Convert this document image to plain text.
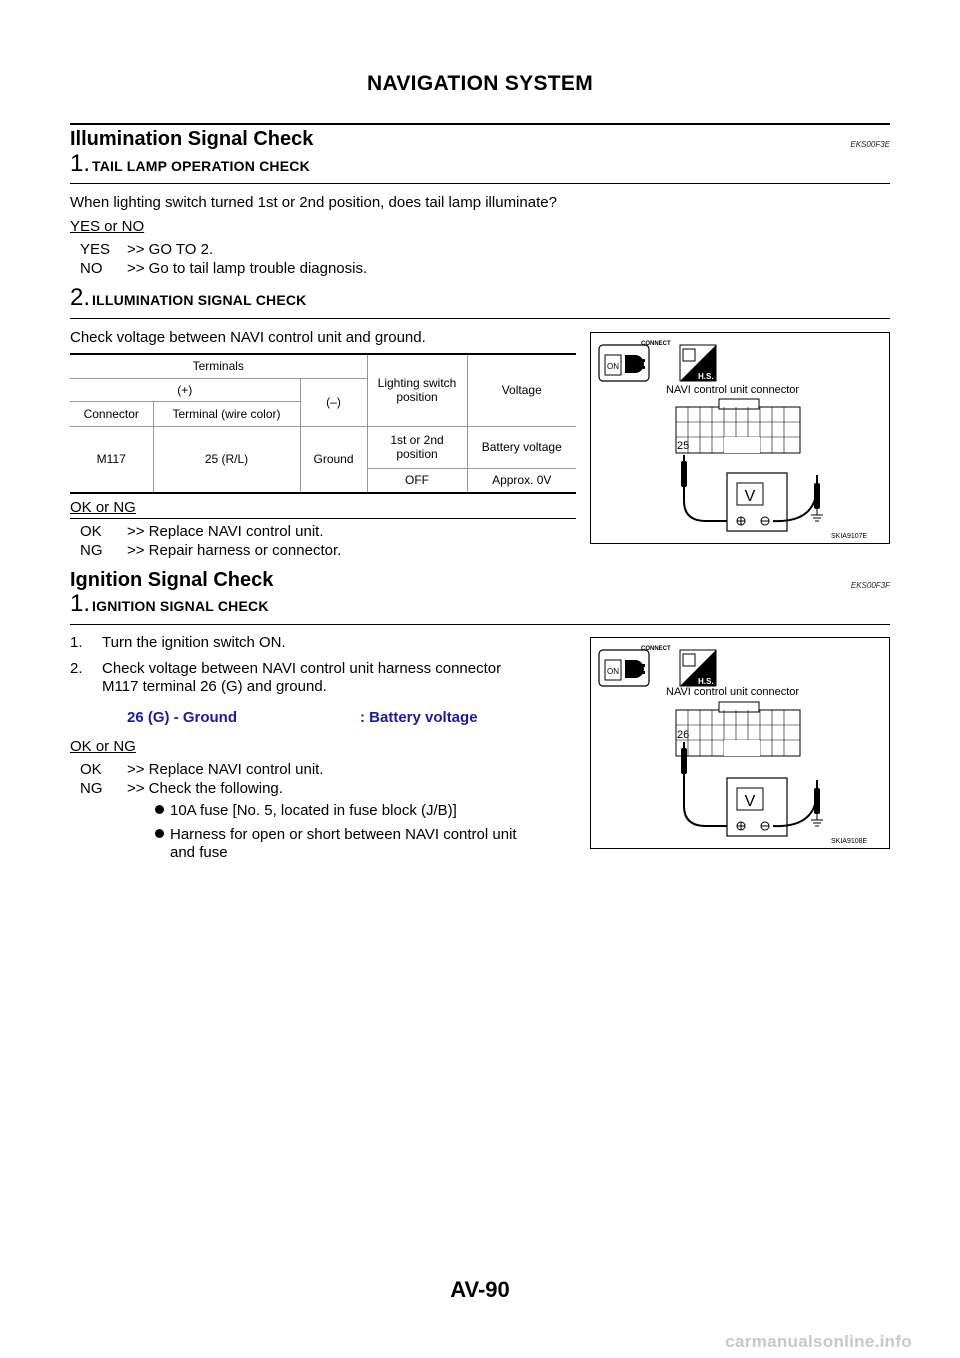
NAVIGATION SYSTEM
Illumination Signal Check	EKS00F3E
1. TAIL LAMP OPERATION CHECK
When lighting switch turned 1st or 2nd position, does tail lamp illuminate?
YES or NO
YES >> GO TO 2.
NO >> Go to tail lamp trouble diagnosis.
2. ILLUMINATION SIGNAL CHECK
Check voltage between NAVI control unit and ground.
Terminals			Lighting switch position	Voltage
(+)		(–)		
Connector	Terminal (wire color)			
M117	25 (R/L)	Ground	1st or 2nd position	Battery voltage
			OFF	Approx. 0V
OK or NG
OK >> Replace NAVI control unit.
NG >> Repair harness or connector.
ON
CONNECT
H.S.
NAVI control unit connector
25
V
SKIA9107E
Ignition Signal Check	EKS00F3F
1. IGNITION SIGNAL CHECK
1. Turn the ignition switch ON.
2. Check voltage between NAVI control unit harness connector
M117 terminal 26 (G) and ground.
26 (G) - Ground	: Battery voltage
OK or NG
OK >> Replace NAVI control unit.
NG >> Check the following.
10A fuse [No. 5, located in fuse block (J/B)]
Harness for open or short between NAVI control unit
and fuse
ON
CONNECT
H.S.
NAVI control unit connector
26
V
SKIA9108E
AV-90
carmanualsonline.info
